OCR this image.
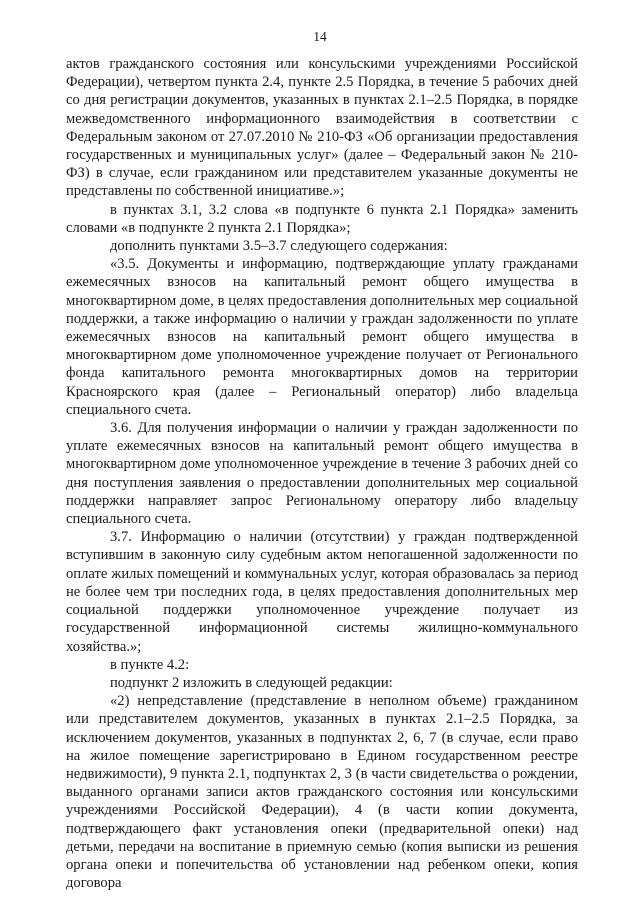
14

актов гражданского состояния или консульскими учреждениями Российской Федерации), четвертом пункта 2.4, пункте 2.5 Порядка, в течение 5 рабочих дней со дня регистрации документов, указанных в пунктах 2.1–2.5 Порядка, в порядке межведомственного информационного взаимодействия в соответствии с Федеральным законом от 27.07.2010 № 210-ФЗ «Об организации предоставления государственных и муниципальных услуг» (далее – Федеральный закон № 210-ФЗ) в случае, если гражданином или представителем указанные документы не представлены по собственной инициативе.»;

в пунктах 3.1, 3.2 слова «в подпункте 6 пункта 2.1 Порядка» заменить словами «в подпункте 2 пункта 2.1 Порядка»;

дополнить пунктами 3.5–3.7 следующего содержания:

«3.5. Документы и информацию, подтверждающие уплату гражданами ежемесячных взносов на капитальный ремонт общего имущества в многоквартирном доме, в целях предоставления дополнительных мер социальной поддержки, а также информацию о наличии у граждан задолженности по уплате ежемесячных взносов на капитальный ремонт общего имущества в многоквартирном доме уполномоченное учреждение получает от Регионального фонда капитального ремонта многоквартирных домов на территории Красноярского края (далее – Региональный оператор) либо владельца специального счета.

3.6. Для получения информации о наличии у граждан задолженности по уплате ежемесячных взносов на капитальный ремонт общего имущества в многоквартирном доме уполномоченное учреждение в течение 3 рабочих дней со дня поступления заявления о предоставлении дополнительных мер социальной поддержки направляет запрос Региональному оператору либо владельцу специального счета.

3.7. Информацию о наличии (отсутствии) у граждан подтвержденной вступившим в законную силу судебным актом непогашенной задолженности по оплате жилых помещений и коммунальных услуг, которая образовалась за период не более чем три последних года, в целях предоставления дополнительных мер социальной поддержки уполномоченное учреждение получает из государственной информационной системы жилищно-коммунального хозяйства.»;

в пункте 4.2:

подпункт 2 изложить в следующей редакции:

«2) непредставление (представление в неполном объеме) гражданином или представителем документов, указанных в пунктах 2.1–2.5 Порядка, за исключением документов, указанных в подпунктах 2, 6, 7 (в случае, если право на жилое помещение зарегистрировано в Едином государственном реестре недвижимости), 9 пункта 2.1, подпунктах 2, 3 (в части свидетельства о рождении, выданного органами записи актов гражданского состояния или консульскими учреждениями Российской Федерации), 4 (в части копии документа, подтверждающего факт установления опеки (предварительной опеки) над детьми, передачи на воспитание в приемную семью (копия выписки из решения органа опеки и попечительства об установлении над ребенком опеки, копия договора
